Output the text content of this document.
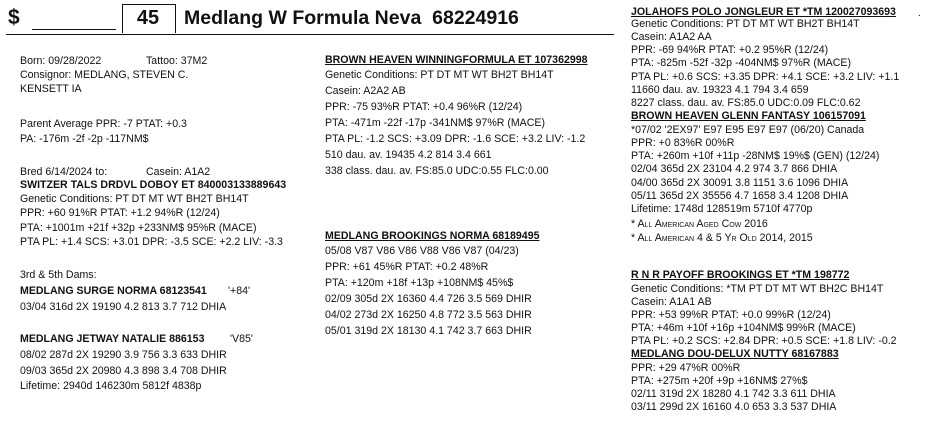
$	45	Medlang W Formula Neva 68224916	.
Born: 09/28/2022	Tattoo: 37M2
Consignor: MEDLANG, STEVEN C.
KENSETT IA
Parent Average PPR: -7 PTAT: +0.3
PA: -176m -2f -2p -117NM$
Bred 6/14/2024 to:	Casein: A1A2
SWITZER TALS DRDVL DOBOY ET 840003133889643
Genetic Conditions: PT DT MT WT BH2T BH14T
PPR: +60 91%R PTAT: +1.2 94%R (12/24)
PTA: +1001m +21f +32p +233NM$ 95%R (MACE)
PTA PL: +1.4 SCS: +3.01 DPR: -3.5 SCE: +2.2 LIV: -3.3
3rd & 5th Dams:
MEDLANG SURGE NORMA 68123541 '+84'
03/04 316d 2X 19190 4.2 813 3.7 712 DHIA
MEDLANG JETWAY NATALIE 886153 'V85'
08/02 287d 2X 19290 3.9 756 3.3 633 DHIR
09/03 365d 2X 20980 4.3 898 3.4 708 DHIR
Lifetime: 2940d 146230m 5812f 4838p
BROWN HEAVEN WINNINGFORMULA ET 107362998
Genetic Conditions: PT DT MT WT BH2T BH14T
Casein: A2A2 AB
PPR: -75 93%R PTAT: +0.4 96%R (12/24)
PTA: -471m -22f -17p -341NM$ 97%R (MACE)
PTA PL: -1.2 SCS: +3.09 DPR: -1.6 SCE: +3.2 LIV: -1.2
510 dau. av. 19435 4.2 814 3.4 661
338 class. dau. av. FS:85.0 UDC:0.55 FLC:0.00
MEDLANG BROOKINGS NORMA 68189495
05/08 V87 V86 V86 V88 V86 V87 (04/23)
PPR: +61 45%R PTAT: +0.2 48%R
PTA: +120m +18f +13p +108NM$ 45%$
02/09 305d 2X 16360 4.4 726 3.5 569 DHIR
04/02 273d 2X 16250 4.8 772 3.5 563 DHIR
05/01 319d 2X 18130 4.1 742 3.7 663 DHIR
JOLAHOFS POLO JONGLEUR ET *TM 120027093693
Genetic Conditions: PT DT MT WT BH2T BH14T
Casein: A1A2 AA
PPR: -69 94%R PTAT: +0.2 95%R (12/24)
PTA: -825m -52f -32p -404NM$ 97%R (MACE)
PTA PL: +0.6 SCS: +3.35 DPR: +4.1 SCE: +3.2 LIV: +1.1
11660 dau. av. 19323 4.1 794 3.4 659
8227 class. dau. av. FS:85.0 UDC:0.09 FLC:0.62
BROWN HEAVEN GLENN FANTASY 106157091
*07/02 '2EX97' E97 E95 E97 E97 (06/20) Canada
PPR: +0 83%R 00%R
PTA: +260m +10f +11p -28NM$ 19%$ (GEN) (12/24)
02/04 365d 2X 23104 4.2 974 3.7 866 DHIA
04/00 365d 2X 30091 3.8 1151 3.6 1096 DHIA
05/11 365d 2X 35556 4.7 1658 3.4 1208 DHIA
Lifetime: 1748d 128519m 5710f 4770p
* All American Aged Cow 2016
* All American 4 & 5 Yr Old 2014, 2015
R N R PAYOFF BROOKINGS ET *TM 198772
Genetic Conditions: *TM PT DT MT WT BH2C BH14T
Casein: A1A1 AB
PPR: +53 99%R PTAT: +0.0 99%R (12/24)
PTA: +46m +10f +16p +104NM$ 99%R (MACE)
PTA PL: +0.2 SCS: +2.84 DPR: +0.5 SCE: +1.8 LIV: -0.2
MEDLANG DOU-DELUX NUTTY 68167883
PPR: +29 47%R 00%R
PTA: +275m +20f +9p +16NM$ 27%$
02/11 319d 2X 18280 4.1 742 3.3 611 DHIA
03/11 299d 2X 16160 4.0 653 3.3 537 DHIA
